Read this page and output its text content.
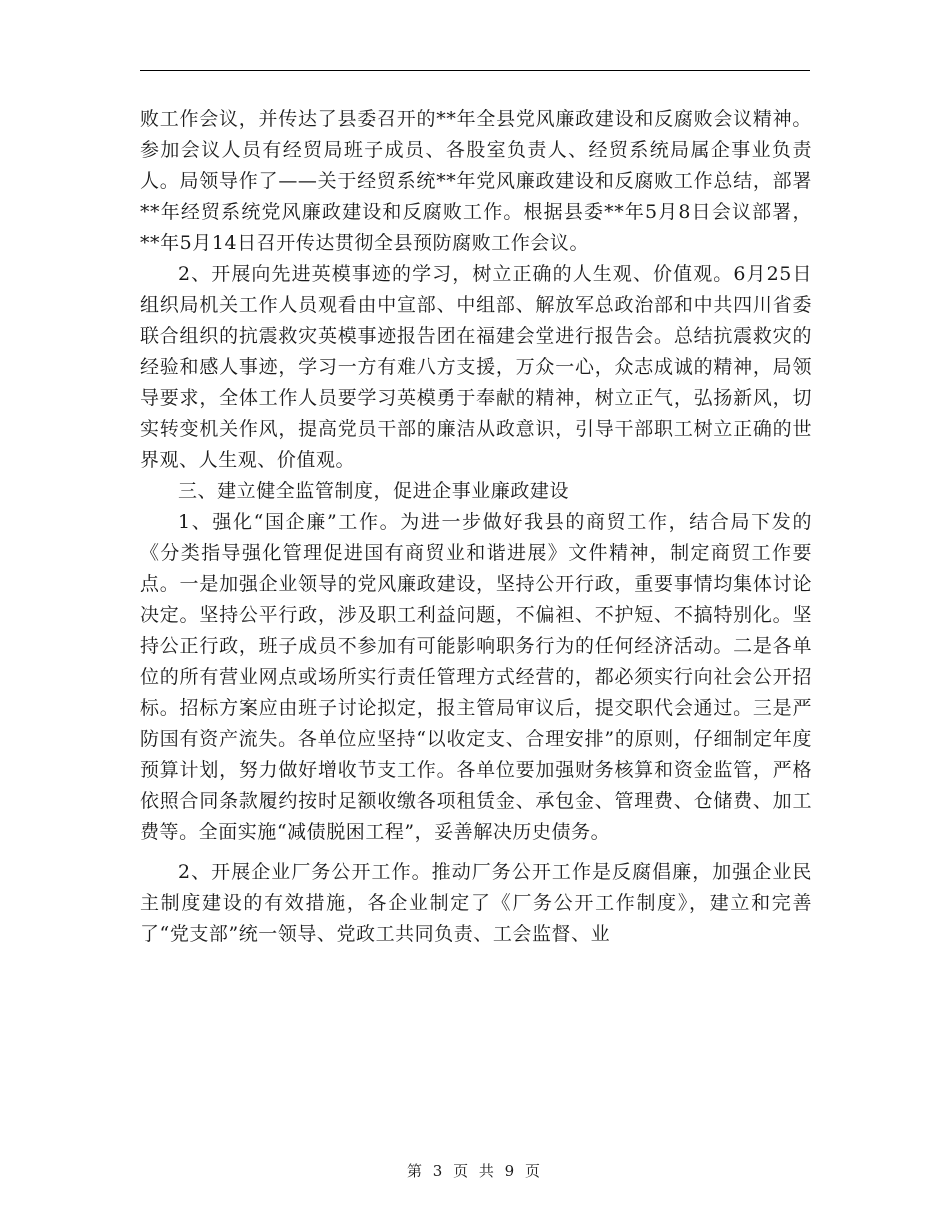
败工作会议，并传达了县委召开的**年全县党风廉政建设和反腐败会议精神。参加会议人员有经贸局班子成员、各股室负责人、经贸系统局属企事业负责人。局领导作了——关于经贸系统**年党风廉政建设和反腐败工作总结，部署**年经贸系统党风廉政建设和反腐败工作。根据县委**年5月8日会议部署，**年5月14日召开传达贯彻全县预防腐败工作会议。

2、开展向先进英模事迹的学习，树立正确的人生观、价值观。6月25日组织局机关工作人员观看由中宣部、中组部、解放军总政治部和中共四川省委联合组织的抗震救灾英模事迹报告团在福建会堂进行报告会。总结抗震救灾的经验和感人事迹，学习一方有难八方支援，万众一心，众志成诚的精神，局领导要求，全体工作人员要学习英模勇于奉献的精神，树立正气，弘扬新风，切实转变机关作风，提高党员干部的廉洁从政意识，引导干部职工树立正确的世界观、人生观、价值观。

三、建立健全监管制度，促进企事业廉政建设

1、强化“国企廉”工作。为进一步做好我县的商贸工作，结合局下发的《分类指导强化管理促进国有商贸业和谐进展》文件精神，制定商贸工作要点。一是加强企业领导的党风廉政建设，坚持公开行政，重要事情均集体讨论决定。坚持公平行政，涉及职工利益问题，不偏袒、不护短、不搞特别化。坚持公正行政，班子成员不参加有可能影响职务行为的任何经济活动。二是各单位的所有营业网点或场所实行责任管理方式经营的，都必须实行向社会公开招标。招标方案应由班子讨论拟定，报主管局审议后，提交职代会通过。三是严防国有资产流失。各单位应坚持“以收定支、合理安排”的原则，仔细制定年度预算计划，努力做好增收节支工作。各单位要加强财务核算和资金监管，严格依照合同条款履约按时足额收缴各项租赁金、承包金、管理费、仓储费、加工费等。全面实施“减债脱困工程”，妥善解决历史债务。

2、开展企业厂务公开工作。推动厂务公开工作是反腐倡廉，加强企业民主制度建设的有效措施，各企业制定了《厂务公开工作制度》，建立和完善了“党支部”统一领导、党政工共同负责、工会监督、业

第 3 页 共 9 页
